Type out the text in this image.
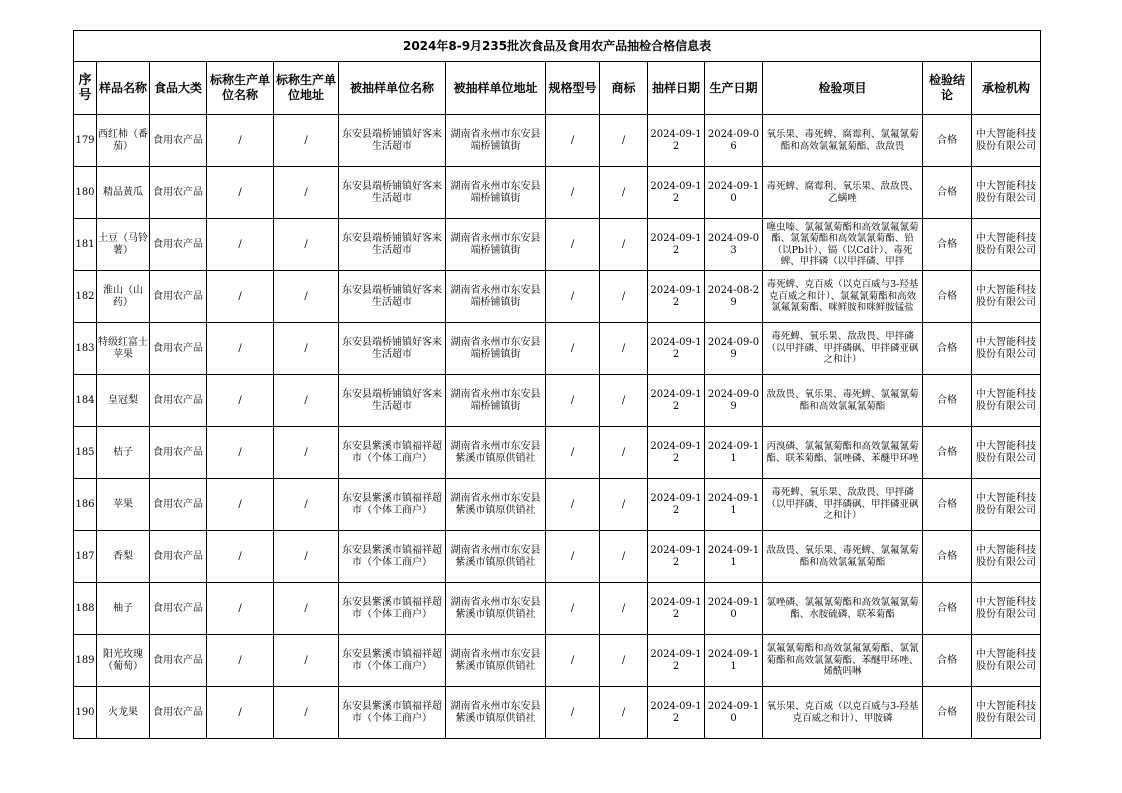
2024年8-9月235批次食品及食用农产品抽检合格信息表													
序号	样品名称	食品大类	标称生产单位名称	标称生产单位地址	被抽样单位名称	被抽样单位地址	规格型号	商标	抽样日期	生产日期	检验项目	检验结论	承检机构
179	西红柿（番茄）	食用农产品	/	/	东安县端桥铺镇好客来生活超市	湖南省永州市东安县端桥铺镇街	/	/	2024-09-12	2024-09-06	氧乐果、毒死蜱、腐霉利、氯氟氰菊酯和高效氯氟氰菊酯、敌敌畏	合格	中大智能科技股份有限公司
180	精品黄瓜	食用农产品	/	/	东安县端桥铺镇好客来生活超市	湖南省永州市东安县端桥铺镇街	/	/	2024-09-12	2024-09-10	毒死蜱、腐霉利、氧乐果、敌敌畏、乙螨唑	合格	中大智能科技股份有限公司
181	土豆（马铃薯）	食用农产品	/	/	东安县端桥铺镇好客来生活超市	湖南省永州市东安县端桥铺镇街	/	/	2024-09-12	2024-09-03	噻虫嗪、氯氟氰菊酯和高效氯氟氰菊酯、氯氰菊酯和高效氯氰菊酯、铅（以Pb计）、镉（以Cd计）、毒死蜱、甲拌磷（以甲拌磷、甲拌	合格	中大智能科技股份有限公司
182	淮山（山药）	食用农产品	/	/	东安县端桥铺镇好客来生活超市	湖南省永州市东安县端桥铺镇街	/	/	2024-09-12	2024-08-29	毒死蜱、克百威（以克百威与3-羟基克百威之和计）、氯氟氰菊酯和高效氯氟氰菊酯、咪鲜胺和咪鲜胺锰盐	合格	中大智能科技股份有限公司
183	特级红富士苹果	食用农产品	/	/	东安县端桥铺镇好客来生活超市	湖南省永州市东安县端桥铺镇街	/	/	2024-09-12	2024-09-09	毒死蜱、氧乐果、敌敌畏、甲拌磷（以甲拌磷、甲拌磷砜、甲拌磷亚砜之和计）	合格	中大智能科技股份有限公司
184	皇冠梨	食用农产品	/	/	东安县端桥铺镇好客来生活超市	湖南省永州市东安县端桥铺镇街	/	/	2024-09-12	2024-09-09	敌敌畏、氧乐果、毒死蜱、氯氟氰菊酯和高效氯氟氰菊酯	合格	中大智能科技股份有限公司
185	桔子	食用农产品	/	/	东安县紫溪市镇福祥超市（个体工商户）	湖南省永州市东安县紫溪市镇原供销社	/	/	2024-09-12	2024-09-11	丙溴磷、氯氟氰菊酯和高效氯氟氰菊酯、联苯菊酯、氯唑磷、苯醚甲环唑	合格	中大智能科技股份有限公司
186	苹果	食用农产品	/	/	东安县紫溪市镇福祥超市（个体工商户）	湖南省永州市东安县紫溪市镇原供销社	/	/	2024-09-12	2024-09-11	毒死蜱、氧乐果、敌敌畏、甲拌磷（以甲拌磷、甲拌磷砜、甲拌磷亚砜之和计）	合格	中大智能科技股份有限公司
187	香梨	食用农产品	/	/	东安县紫溪市镇福祥超市（个体工商户）	湖南省永州市东安县紫溪市镇原供销社	/	/	2024-09-12	2024-09-11	敌敌畏、氧乐果、毒死蜱、氯氟氰菊酯和高效氯氟氰菊酯	合格	中大智能科技股份有限公司
188	柚子	食用农产品	/	/	东安县紫溪市镇福祥超市（个体工商户）	湖南省永州市东安县紫溪市镇原供销社	/	/	2024-09-12	2024-09-10	氯唑磷、氯氟氰菊酯和高效氯氟氰菊酯、水胺硫磷、联苯菊酯	合格	中大智能科技股份有限公司
189	阳光玫瑰（葡萄）	食用农产品	/	/	东安县紫溪市镇福祥超市（个体工商户）	湖南省永州市东安县紫溪市镇原供销社	/	/	2024-09-12	2024-09-11	氯氟氰菊酯和高效氯氟氰菊酯、氯氰菊酯和高效氯氰菊酯、苯醚甲环唑、烯酰吗啉	合格	中大智能科技股份有限公司
190	火龙果	食用农产品	/	/	东安县紫溪市镇福祥超市（个体工商户）	湖南省永州市东安县紫溪市镇原供销社	/	/	2024-09-12	2024-09-10	氧乐果、克百威（以克百威与3-羟基克百威之和计）、甲胺磷	合格	中大智能科技股份有限公司
